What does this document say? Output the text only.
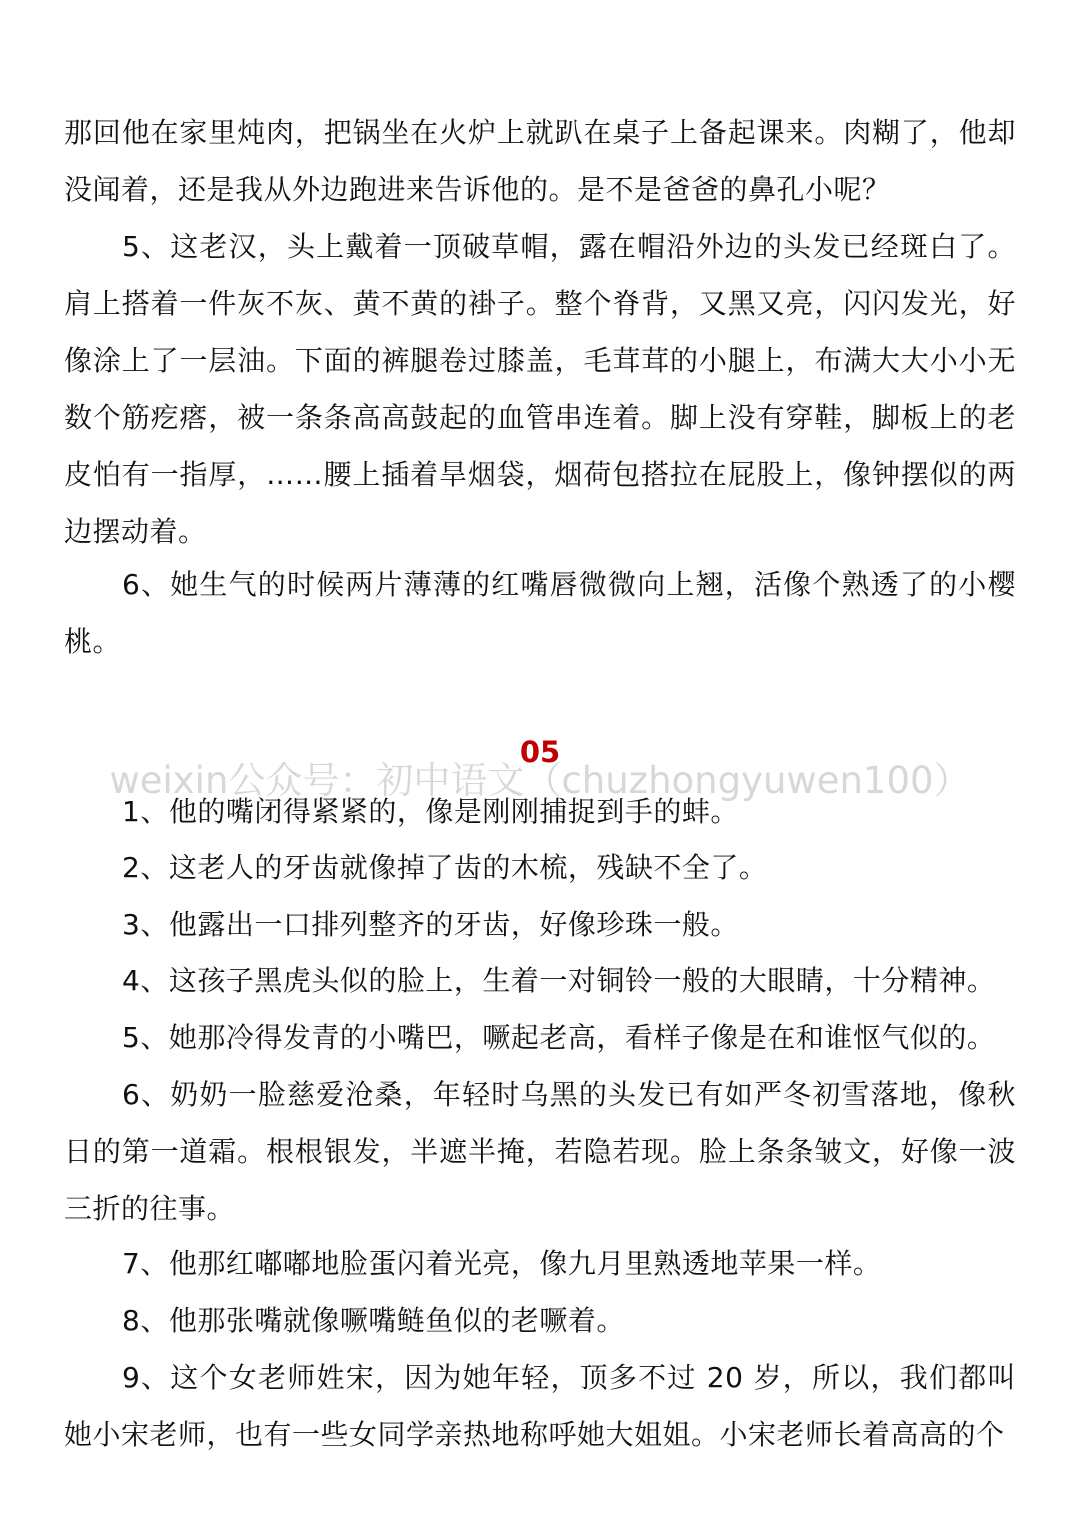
那回他在家里炖肉，把锅坐在火炉上就趴在桌子上备起课来。肉糊了，他却没闻着，还是我从外边跑进来告诉他的。是不是爸爸的鼻孔小呢？

5、这老汉，头上戴着一顶破草帽，露在帽沿外边的头发已经斑白了。肩上搭着一件灰不灰、黄不黄的褂子。整个脊背，又黑又亮，闪闪发光，好像涂上了一层油。下面的裤腿卷过膝盖，毛茸茸的小腿上，布满大大小小无数个筋疙瘩，被一条条高高鼓起的血管串连着。脚上没有穿鞋，脚板上的老皮怕有一指厚，……腰上插着旱烟袋，烟荷包搭拉在屁股上，像钟摆似的两边摆动着。

6、她生气的时候两片薄薄的红嘴唇微微向上翘，活像个熟透了的小樱桃。

05

weixin公众号：初中语文（chuzhongyuwen100）

1、他的嘴闭得紧紧的，像是刚刚捕捉到手的蚌。

2、这老人的牙齿就像掉了齿的木梳，残缺不全了。

3、他露出一口排列整齐的牙齿，好像珍珠一般。

4、这孩子黑虎头似的脸上，生着一对铜铃一般的大眼睛，十分精神。

5、她那冷得发青的小嘴巴，噘起老高，看样子像是在和谁怄气似的。

6、奶奶一脸慈爱沧桑，年轻时乌黑的头发已有如严冬初雪落地，像秋日的第一道霜。根根银发，半遮半掩，若隐若现。脸上条条皱文，好像一波三折的往事。

7、他那红嘟嘟地脸蛋闪着光亮，像九月里熟透地苹果一样。

8、他那张嘴就像噘嘴鲢鱼似的老噘着。

9、这个女老师姓宋，因为她年轻，顶多不过 20 岁，所以，我们都叫她小宋老师，也有一些女同学亲热地称呼她大姐姐。小宋老师长着高高的个
